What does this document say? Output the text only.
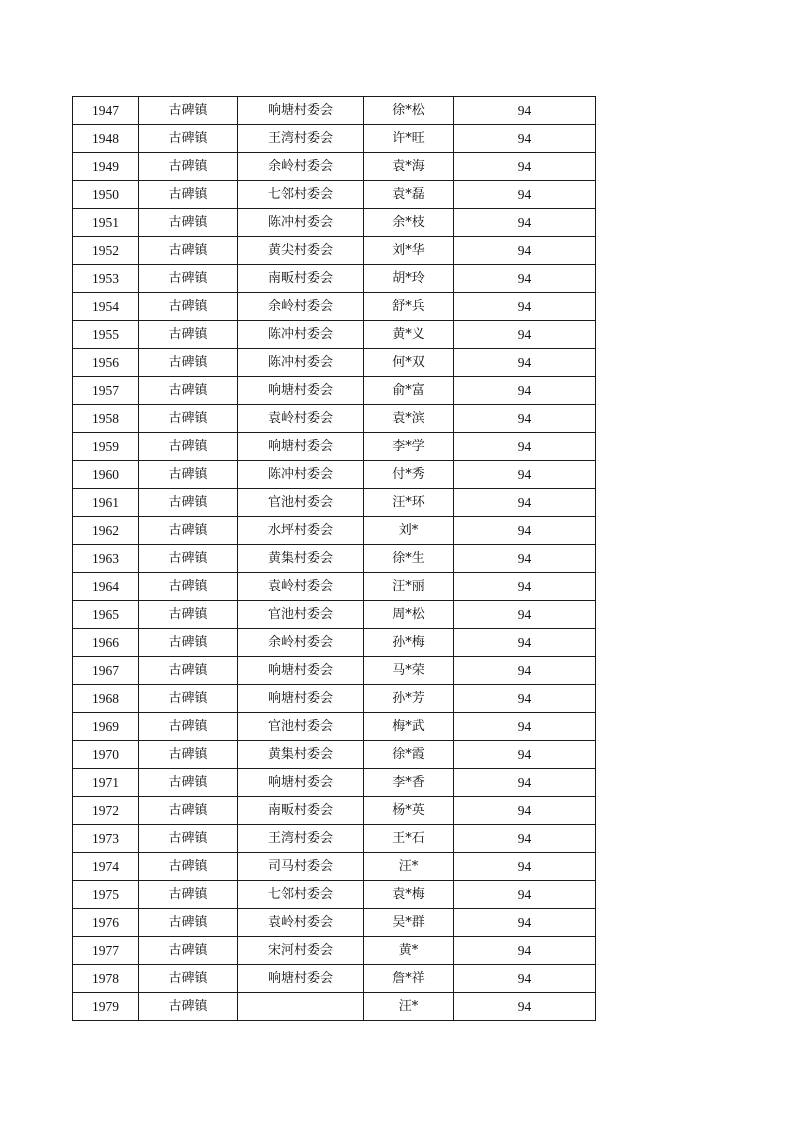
1947	古碑镇	响塘村委会	徐*松	94
1948	古碑镇	王湾村委会	许*旺	94
1949	古碑镇	余岭村委会	袁*海	94
1950	古碑镇	七邻村委会	袁*磊	94
1951	古碑镇	陈冲村委会	余*枝	94
1952	古碑镇	黄尖村委会	刘*华	94
1953	古碑镇	南畈村委会	胡*玲	94
1954	古碑镇	余岭村委会	舒*兵	94
1955	古碑镇	陈冲村委会	黄*义	94
1956	古碑镇	陈冲村委会	何*双	94
1957	古碑镇	响塘村委会	俞*富	94
1958	古碑镇	袁岭村委会	袁*滨	94
1959	古碑镇	响塘村委会	李*学	94
1960	古碑镇	陈冲村委会	付*秀	94
1961	古碑镇	官池村委会	汪*环	94
1962	古碑镇	水坪村委会	刘*	94
1963	古碑镇	黄集村委会	徐*生	94
1964	古碑镇	袁岭村委会	汪*丽	94
1965	古碑镇	官池村委会	周*松	94
1966	古碑镇	余岭村委会	孙*梅	94
1967	古碑镇	响塘村委会	马*荣	94
1968	古碑镇	响塘村委会	孙*芳	94
1969	古碑镇	官池村委会	梅*武	94
1970	古碑镇	黄集村委会	徐*霞	94
1971	古碑镇	响塘村委会	李*香	94
1972	古碑镇	南畈村委会	杨*英	94
1973	古碑镇	王湾村委会	王*石	94
1974	古碑镇	司马村委会	汪*	94
1975	古碑镇	七邻村委会	袁*梅	94
1976	古碑镇	袁岭村委会	吴*群	94
1977	古碑镇	宋河村委会	黄*	94
1978	古碑镇	响塘村委会	詹*祥	94
1979	古碑镇		汪*	94
